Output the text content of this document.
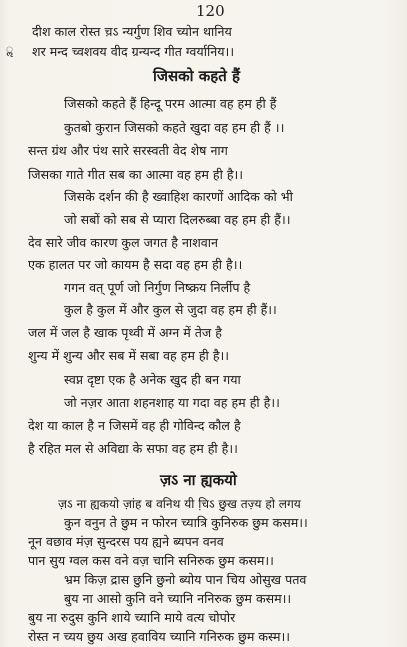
120
ॢ
दीश काल रोस्त च़ऽ न्यर्गुण शिव च्योन थानिय
शर मन्द च्वशवय वीद ग्रन्यन्द गीत ग्वर्यानिय।।
जिसको कहते हैं
जिसको कहते हैं हिन्दू परम आत्मा वह हम ही हैं
कुतबो कुरान जिसको कहते खुदा वह हम ही हैं ।।
सन्त ग्रंथ और पंथ सारे सरस्वती वेद शेष नाग
जिसका गाते गीत सब का आत्मा वह हम ही है।।
जिसके दर्शन की है ख्वाहिश कारणों आदिक को भी
जो सबों को सब से प्यारा दिलरुब्बा वह हम ही हैं।।
देव सारे जीव कारण कुल जगत है नाशवान
एक हालत पर जो कायम है सदा वह हम ही है।।
गगन वत् पूर्ण जो निर्गुण निष्क्रय निर्लीप है
कुल है कुल में और कुल से जुदा वह हम ही हैं।।
जल में जल है खाक पृथ्वी में अग्न में तेज है
शुन्य में शुन्य और सब में सबा वह हम ही है।।
स्वप्न दृष्टा एक है अनेक खुद ही बन गया
जो नज़र आता शहनशाह या गदा वह हम ही है।।
देश या काल है न जिसमें वह ही गोविन्द कौल है
है रहित मल से अविद्या के सफा वह हम ही है।।
ज़ऽ ना ह्यकयो
ज़ऽ ना ह्यकयो ज़ांह ब वनिथ यी चि़ऽ छुख तज़्य हो लगय
कुन वनुन ते छुम न फोरन च्यात्रि कुनिरुक छुम कसम।।
नून वछाव मंज़ सुन्दरस पय ह्यने ब्यपन वनव
पान सुय ग्वल कस वने वज़ चानि सनिरुक छुम कसम।।
भ्रम किज़ द्रास छुनि छुनो ब्योय पान चिय ओसुख पतव
बुय ना आसो कुनि वने च्यानि ननिरुक छुम कसम।।
बुय ना रुदुस कुनि शाये च्यानि माये वत्य चोपोर
रोस्त न च्यय छुय अख हवाविय च्यानि गनिरुक छुम कस्म।।
